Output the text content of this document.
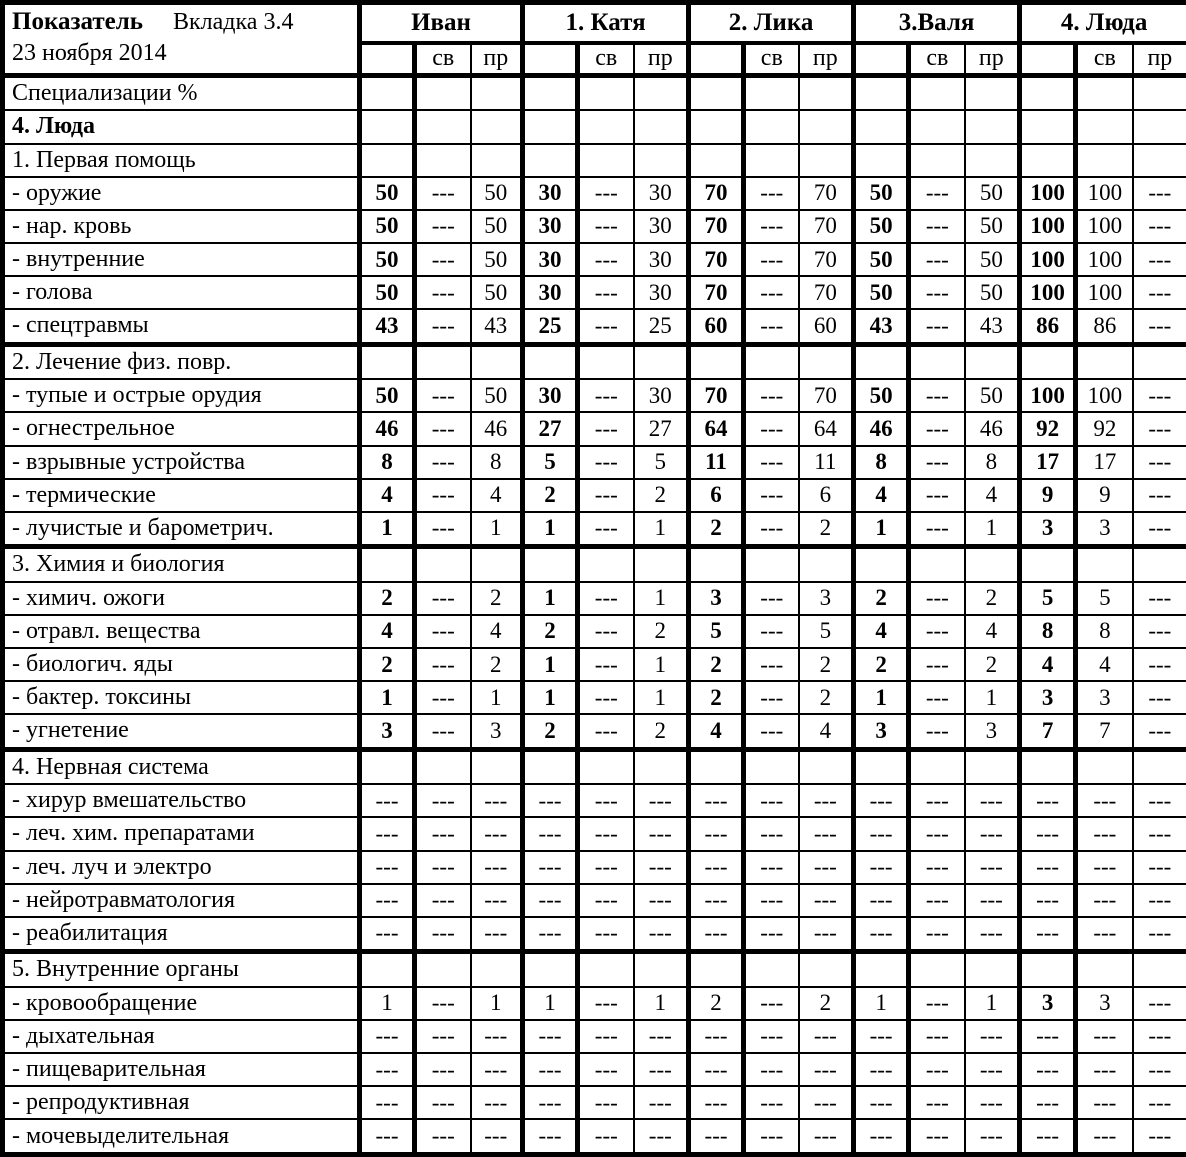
Показатель Вкладка 3.4
23 ноября 2014	Иван			1. Катя			2. Лика			3.Валя			4. Люда		
		св	пр		св	пр		св	пр		св	пр		св	пр
Специализации %															
4. Люда															
1. Первая помощь															
- оружие	50	---	50	30	---	30	70	---	70	50	---	50	100	100	---
- нар. кровь	50	---	50	30	---	30	70	---	70	50	---	50	100	100	---
- внутренние	50	---	50	30	---	30	70	---	70	50	---	50	100	100	---
- голова	50	---	50	30	---	30	70	---	70	50	---	50	100	100	---
- спецтравмы	43	---	43	25	---	25	60	---	60	43	---	43	86	86	---
2. Лечение физ. повр.															
- тупые и острые орудия	50	---	50	30	---	30	70	---	70	50	---	50	100	100	---
- огнестрельное	46	---	46	27	---	27	64	---	64	46	---	46	92	92	---
- взрывные устройства	8	---	8	5	---	5	11	---	11	8	---	8	17	17	---
- термические	4	---	4	2	---	2	6	---	6	4	---	4	9	9	---
- лучистые и барометрич.	1	---	1	1	---	1	2	---	2	1	---	1	3	3	---
3. Химия и биология															
- химич. ожоги	2	---	2	1	---	1	3	---	3	2	---	2	5	5	---
- отравл. вещества	4	---	4	2	---	2	5	---	5	4	---	4	8	8	---
- биологич. яды	2	---	2	1	---	1	2	---	2	2	---	2	4	4	---
- бактер. токсины	1	---	1	1	---	1	2	---	2	1	---	1	3	3	---
- угнетение	3	---	3	2	---	2	4	---	4	3	---	3	7	7	---
4. Нервная система															
- хирур вмешательство	---	---	---	---	---	---	---	---	---	---	---	---	---	---	---
- леч. хим. препаратами	---	---	---	---	---	---	---	---	---	---	---	---	---	---	---
- леч. луч и электро	---	---	---	---	---	---	---	---	---	---	---	---	---	---	---
- нейротравматология	---	---	---	---	---	---	---	---	---	---	---	---	---	---	---
- реабилитация	---	---	---	---	---	---	---	---	---	---	---	---	---	---	---
5. Внутренние органы															
- кровообращение	1	---	1	1	---	1	2	---	2	1	---	1	3	3	---
- дыхательная	---	---	---	---	---	---	---	---	---	---	---	---	---	---	---
- пищеварительная	---	---	---	---	---	---	---	---	---	---	---	---	---	---	---
- репродуктивная	---	---	---	---	---	---	---	---	---	---	---	---	---	---	---
- мочевыделительная	---	---	---	---	---	---	---	---	---	---	---	---	---	---	---
